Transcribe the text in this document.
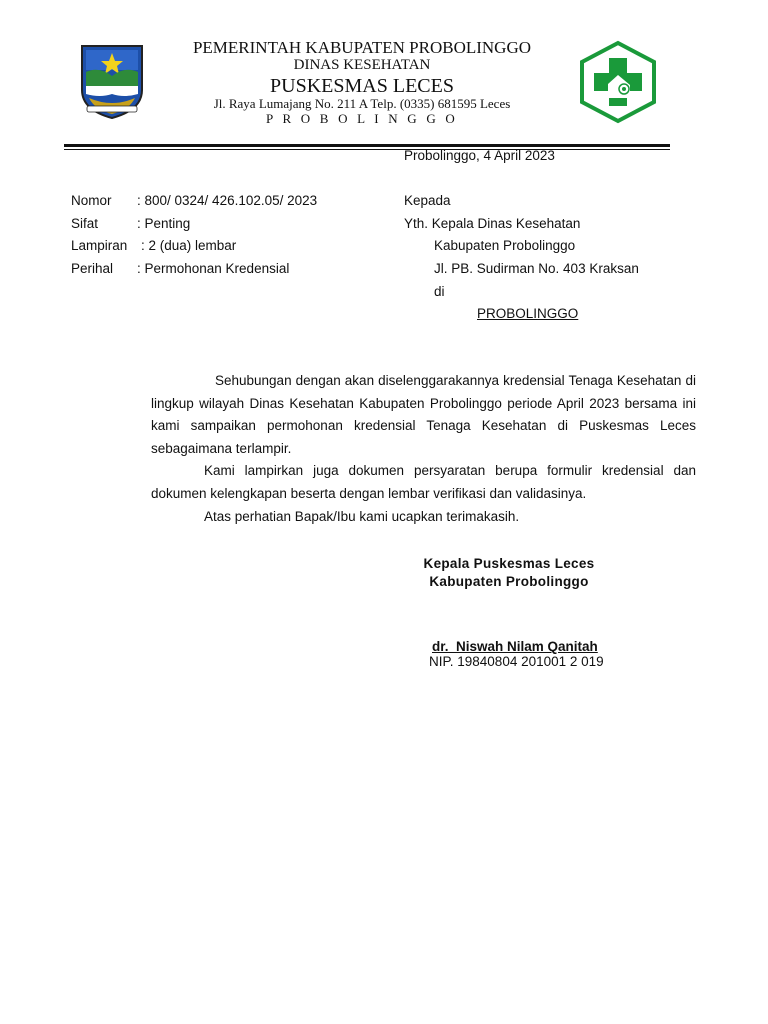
PEMERINTAH KABUPATEN PROBOLINGGO
DINAS KESEHATAN
PUSKESMAS LECES
Jl. Raya Lumajang No. 211 A Telp. (0335) 681595 Leces
P R O B O L I N G G O
Probolinggo, 4 April 2023
Nomor	: 800/ 0324/ 426.102.05/ 2023
Sifat	: Penting
Lampiran	: 2 (dua) lembar
Perihal	: Permohonan Kredensial
Kepada
Yth. Kepala Dinas Kesehatan
Kabupaten Probolinggo
Jl. PB. Sudirman No. 403 Kraksan
di
PROBOLINGGO
Sehubungan dengan akan diselenggarakannya kredensial Tenaga Kesehatan di lingkup wilayah Dinas Kesehatan Kabupaten Probolinggo periode April 2023 bersama ini kami sampaikan permohonan kredensial Tenaga Kesehatan di Puskesmas Leces sebagaimana terlampir.
Kami lampirkan juga dokumen persyaratan berupa formulir kredensial dan dokumen kelengkapan beserta dengan lembar verifikasi dan validasinya.
Atas perhatian Bapak/Ibu kami ucapkan terimakasih.
Kepala Puskesmas Leces
Kabupaten Probolinggo
dr.  Niswah Nilam Qanitah
NIP. 19840804 201001 2 019
